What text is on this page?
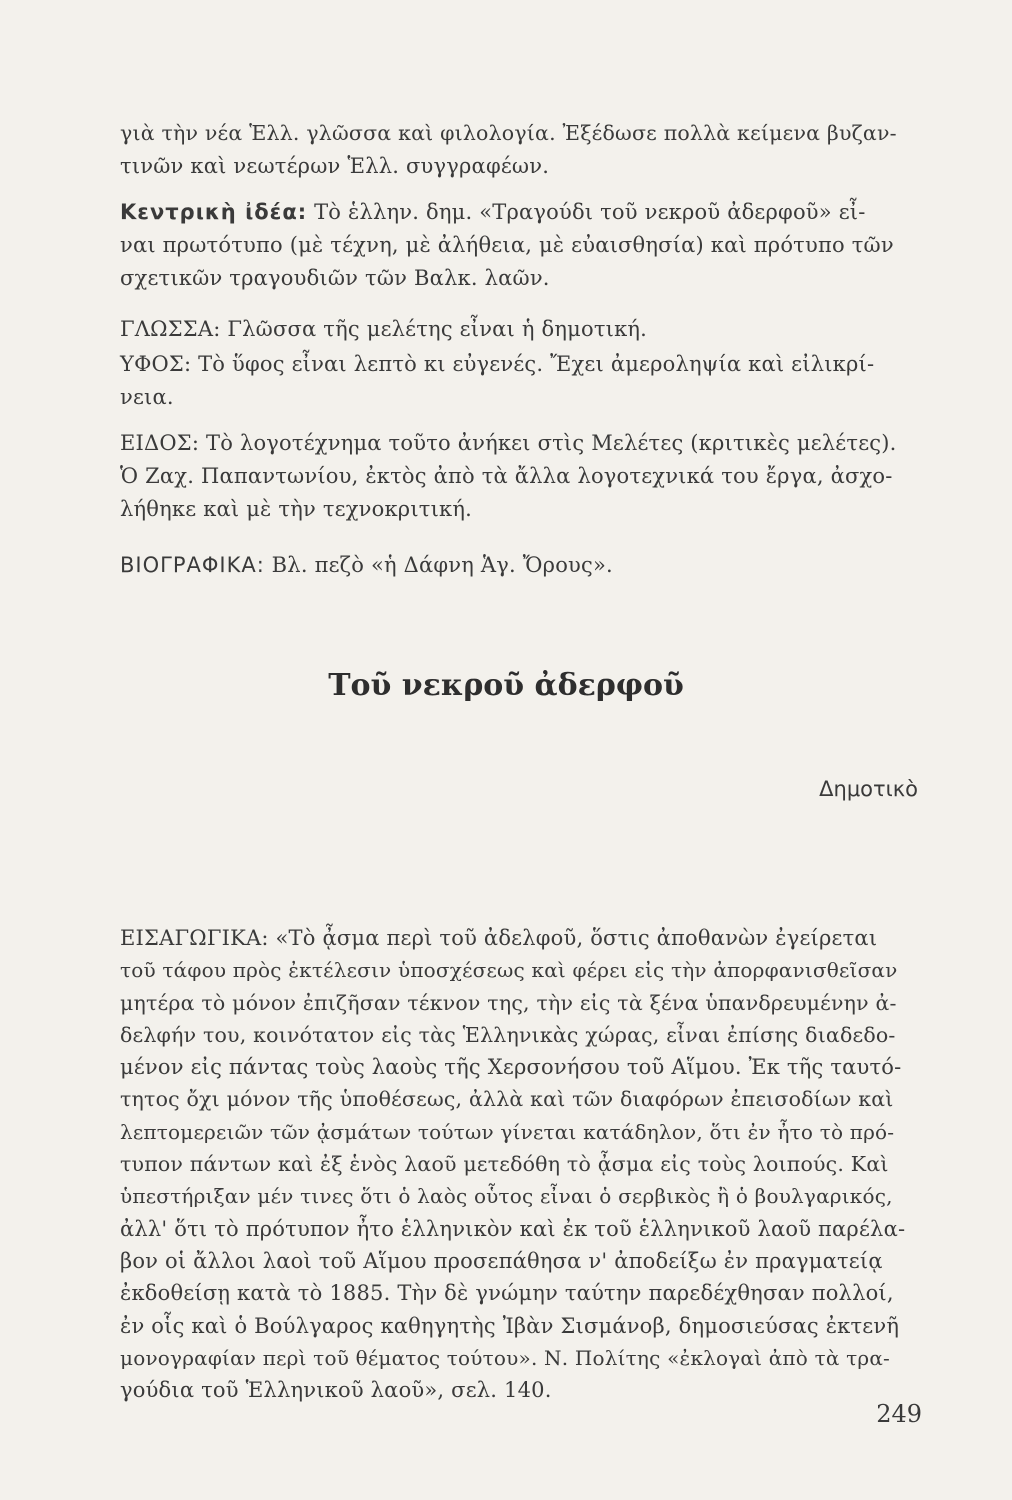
γιὰ τὴν νέα Ἑλλ. γλῶσσα καὶ φιλολογία. Ἐξέδωσε πολλὰ κείμενα βυζαν-
τινῶν καὶ νεωτέρων Ἑλλ. συγγραφέων.
Κεντρικὴ ἰδέα: Τὸ ἑλλην. δημ. «Τραγούδι τοῦ νεκροῦ ἀδερφοῦ» εἶ-
ναι πρωτότυπο (μὲ τέχνη, μὲ ἀλήθεια, μὲ εὐαισθησία) καὶ πρότυπο τῶν
σχετικῶν τραγουδιῶν τῶν Βαλκ. λαῶν.
ΓΛΩΣΣΑ: Γλῶσσα τῆς μελέτης εἶναι ἡ δημοτική.
ΥΦΟΣ: Τὸ ὕφος εἶναι λεπτὸ κι εὐγενές. Ἔχει ἀμεροληψία καὶ εἰλικρί-
νεια.
ΕΙΔΟΣ: Τὸ λογοτέχνημα τοῦτο ἀνήκει στὶς Μελέτες (κριτικὲς μελέτες).
Ὁ Ζαχ. Παπαντωνίου, ἐκτὸς ἀπὸ τὰ ἄλλα λογοτεχνικά του ἔργα, ἀσχο-
λήθηκε καὶ μὲ τὴν τεχνοκριτική.
ΒΙΟΓΡΑΦΙΚΑ: Βλ. πεζὸ «ἡ Δάφνη Ἁγ. Ὄρους».
Τοῦ νεκροῦ ἀδερφοῦ
Δημοτικὸ
ΕΙΣΑΓΩΓΙΚΑ: «Τὸ ᾆσμα περὶ τοῦ ἀδελφοῦ, ὅστις ἀποθανὼν ἐγείρεται
τοῦ τάφου πρὸς ἐκτέλεσιν ὑποσχέσεως καὶ φέρει εἰς τὴν ἀπορφανισθεῖσαν
μητέρα τὸ μόνον ἐπιζῆσαν τέκνον της, τὴν εἰς τὰ ξένα ὑπανδρευμένην ἀ-
δελφήν του, κοινότατον εἰς τὰς Ἑλληνικὰς χώρας, εἶναι ἐπίσης διαδεδο-
μένον εἰς πάντας τοὺς λαοὺς τῆς Χερσονήσου τοῦ Αἵμου. Ἐκ τῆς ταυτό-
τητος ὄχι μόνον τῆς ὑποθέσεως, ἀλλὰ καὶ τῶν διαφόρων ἐπεισοδίων καὶ
λεπτομερειῶν τῶν ᾀσμάτων τούτων γίνεται κατάδηλον, ὅτι ἐν ἦτο τὸ πρό-
τυπον πάντων καὶ ἐξ ἑνὸς λαοῦ μετεδόθη τὸ ᾆσμα εἰς τοὺς λοιπούς. Καὶ
ὑπεστήριξαν μέν τινες ὅτι ὁ λαὸς οὗτος εἶναι ὁ σερβικὸς ἢ ὁ βουλγαρικός,
ἀλλ' ὅτι τὸ πρότυπον ἦτο ἑλληνικὸν καὶ ἐκ τοῦ ἑλληνικοῦ λαοῦ παρέλα-
βον οἱ ἄλλοι λαοὶ τοῦ Αἵμου προσεπάθησα ν' ἀποδείξω ἐν πραγματείᾳ
ἐκδοθείσῃ κατὰ τὸ 1885. Τὴν δὲ γνώμην ταύτην παρεδέχθησαν πολλοί,
ἐν οἷς καὶ ὁ Βούλγαρος καθηγητὴς Ἰβὰν Σισμάνοβ, δημοσιεύσας ἐκτενῆ
μονογραφίαν περὶ τοῦ θέματος τούτου». Ν. Πολίτης «ἐκλογαὶ ἀπὸ τὰ τρα-
γούδια τοῦ Ἑλληνικοῦ λαοῦ», σελ. 140.
249
